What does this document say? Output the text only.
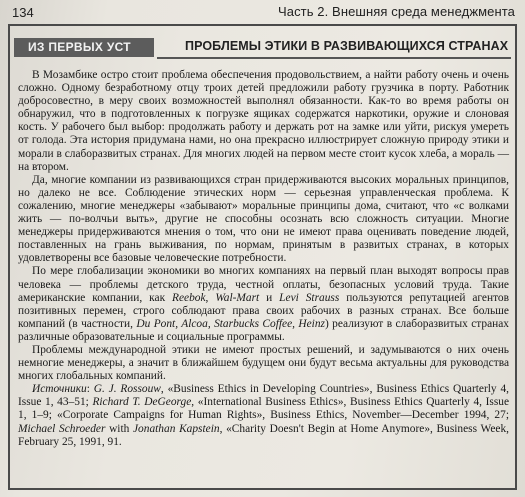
134	Часть 2. Внешняя среда менеджмента
ИЗ ПЕРВЫХ УСТ	ПРОБЛЕМЫ ЭТИКИ В РАЗВИВАЮЩИХСЯ СТРАНАХ

В Мозамбике остро стоит проблема обеспечения продовольствием, а найти работу очень и очень сложно. Одному безработному отцу троих детей предложили работу грузчика в порту. Работник добросовестно, в меру своих возможностей выполнял обязанности. Как-то во время работы он обнаружил, что в подготовленных к погрузке ящиках содержатся наркотики, оружие и слоновая кость. У рабочего был выбор: продолжать работу и держать рот на замке или уйти, рискуя умереть от голода. Эта история придумана нами, но она прекрасно иллюстрирует сложную природу этики и морали в слаборазвитых странах. Для многих людей на первом месте стоит кусок хлеба, а мораль — на втором.

Да, многие компании из развивающихся стран придерживаются высоких моральных принципов, но далеко не все. Соблюдение этических норм — серьезная управленческая проблема. К сожалению, многие менеджеры «забывают» моральные принципы дома, считают, что «с волками жить — по-волчьи выть», другие не способны осознать всю сложность ситуации. Многие менеджеры придерживаются мнения о том, что они не имеют права оценивать поведение людей, поставленных на грань выживания, по нормам, принятым в развитых странах, в которых удовлетворены все базовые человеческие потребности.

По мере глобализации экономики во многих компаниях на первый план выходят вопросы прав человека — проблемы детского труда, честной оплаты, безопасных условий труда. Такие американские компании, как Reebok, Wal-Mart и Levi Strauss пользуются репутацией агентов позитивных перемен, строго соблюдают права своих рабочих в разных странах. Все больше компаний (в частности, Du Pont, Alcoa, Starbucks Coffee, Heinz) реализуют в слаборазвитых странах различные образовательные и социальные программы.

Проблемы международной этики не имеют простых решений, и задумываются о них очень немногие менеджеры, а значит в ближайшем будущем они будут весьма актуальны для руководства многих глобальных компаний.

Источники: G. J. Rossouw, «Business Ethics in Developing Countries», Business Ethics Quarterly 4, Issue 1, 43–51; Richard T. DeGeorge, «International Business Ethics», Business Ethics Quarterly 4, Issue 1, 1–9; «Corporate Campaigns for Human Rights», Business Ethics, November—December 1994, 27; Michael Schroeder with Jonathan Kapstein, «Charity Doesn't Begin at Home Anymore», Business Week, February 25, 1991, 91.
